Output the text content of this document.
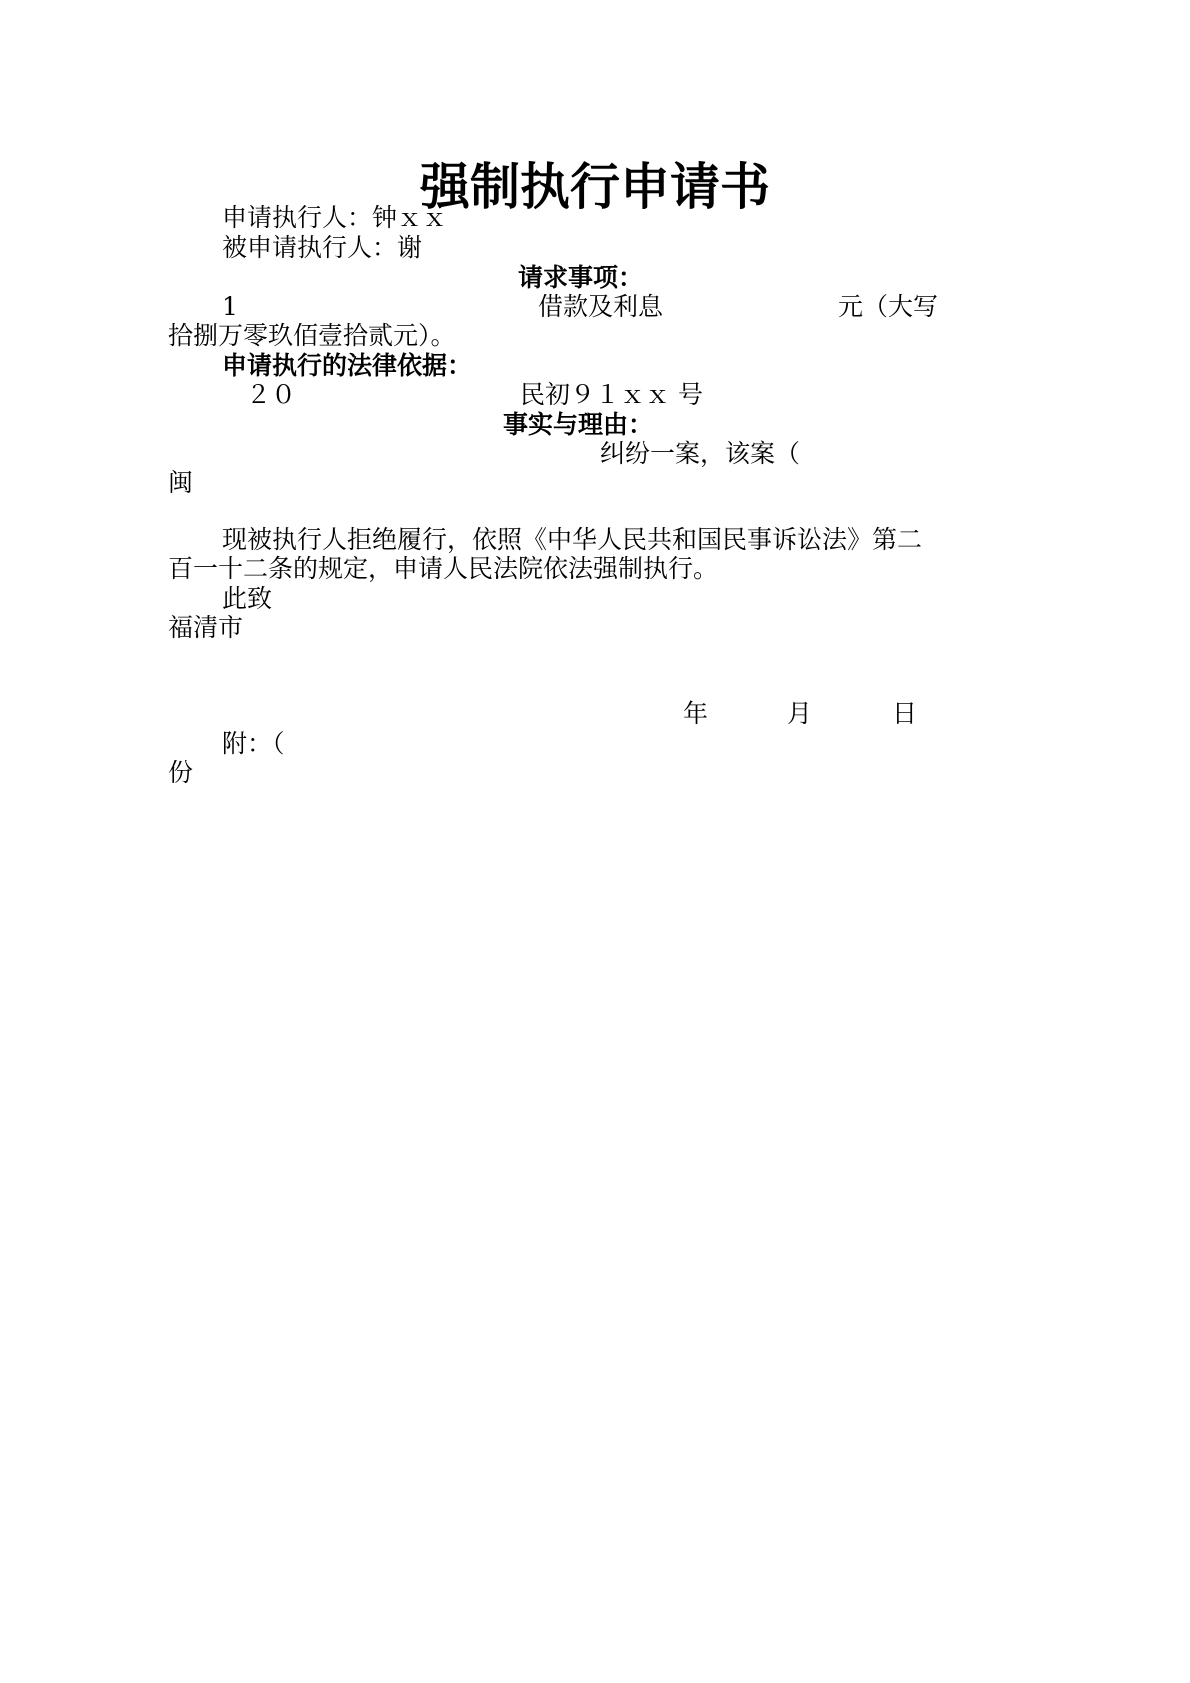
强制执行申请书

申请执行人：钟ｘｘ

被申请执行人：谢

请求事项：

1	借款及利息	元（大写

拾捌万零玖佰壹拾贰元）。

申请执行的法律依据：

２０	民初９１ｘｘ 号

事实与理由：

纠纷一案，该案（

闽

现被执行人拒绝履行，依照《中华人民共和国民事诉讼法》第二

百一十二条的规定，申请人民法院依法强制执行。

此致

福清市

年	月	日

附：（

份
